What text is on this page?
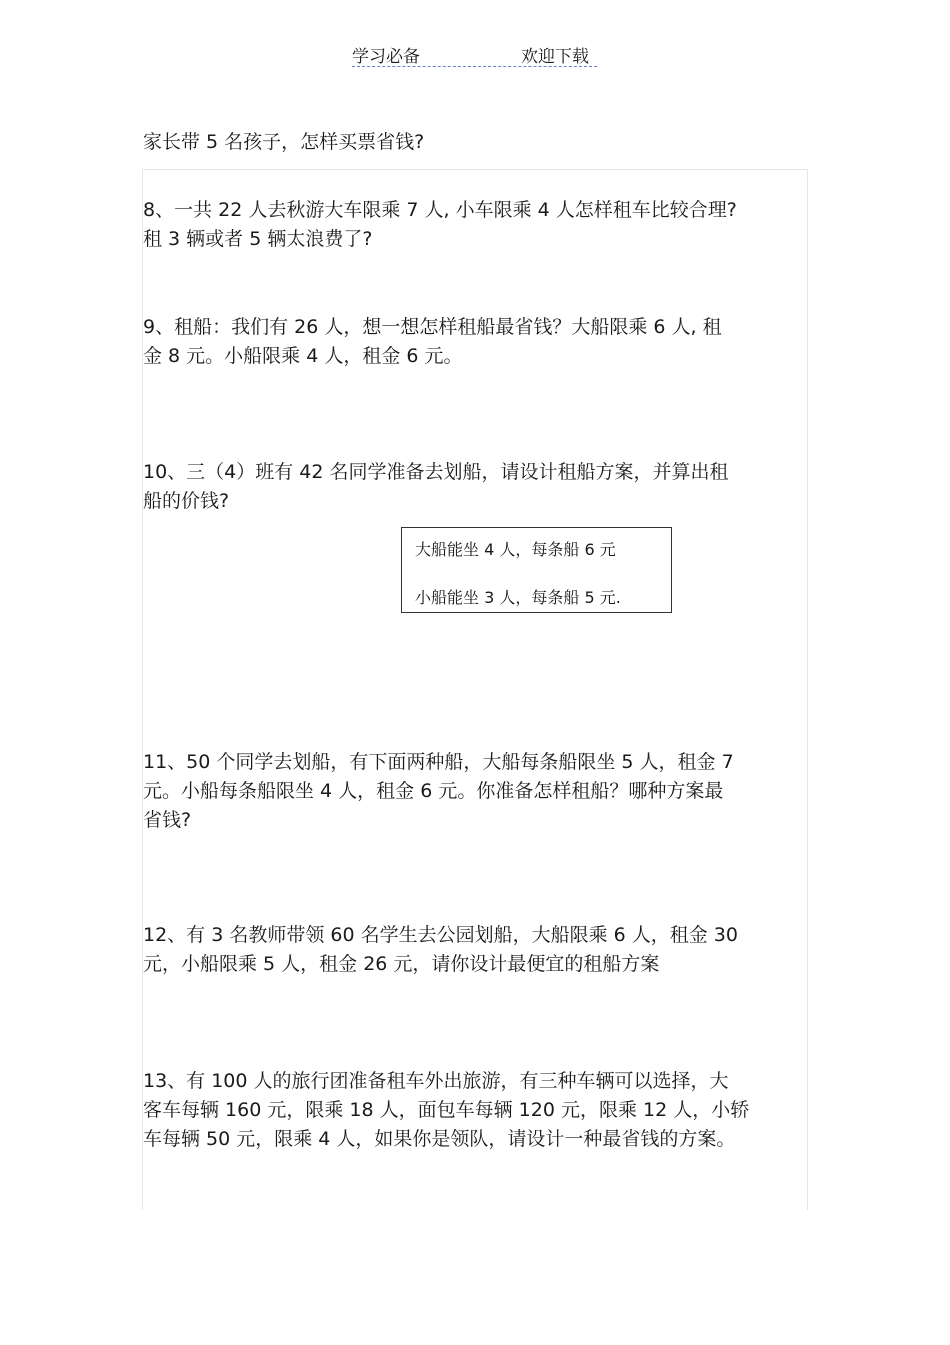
学习必备	欢迎下载
家长带 5 名孩子，怎样买票省钱?

8、一共 22 人去秋游大车限乘 7 人, 小车限乘 4 人怎样租车比较合理?

租 3 辆或者 5 辆太浪费了?

9、租船：我们有 26 人，想一想怎样租船最省钱？大船限乘 6 人, 租

金 8 元。小船限乘 4 人，租金 6 元。

10、三（4）班有 42 名同学准备去划船，请设计租船方案，并算出租

船的价钱?

大船能坐 4 人，每条船 6 元
小船能坐 3 人，每条船 5 元.

11、50 个同学去划船，有下面两种船，大船每条船限坐 5 人，租金 7

元。小船每条船限坐 4 人，租金 6 元。你准备怎样租船？哪种方案最

省钱?

12、有 3 名教师带领 60 名学生去公园划船，大船限乘 6 人，租金 30

元，小船限乘 5 人，租金 26 元，请你设计最便宜的租船方案

13、有 100 人的旅行团准备租车外出旅游，有三种车辆可以选择，大

客车每辆 160 元，限乘 18 人，面包车每辆 120 元，限乘 12 人，小轿

车每辆 50 元，限乘 4 人，如果你是领队，请设计一种最省钱的方案。
